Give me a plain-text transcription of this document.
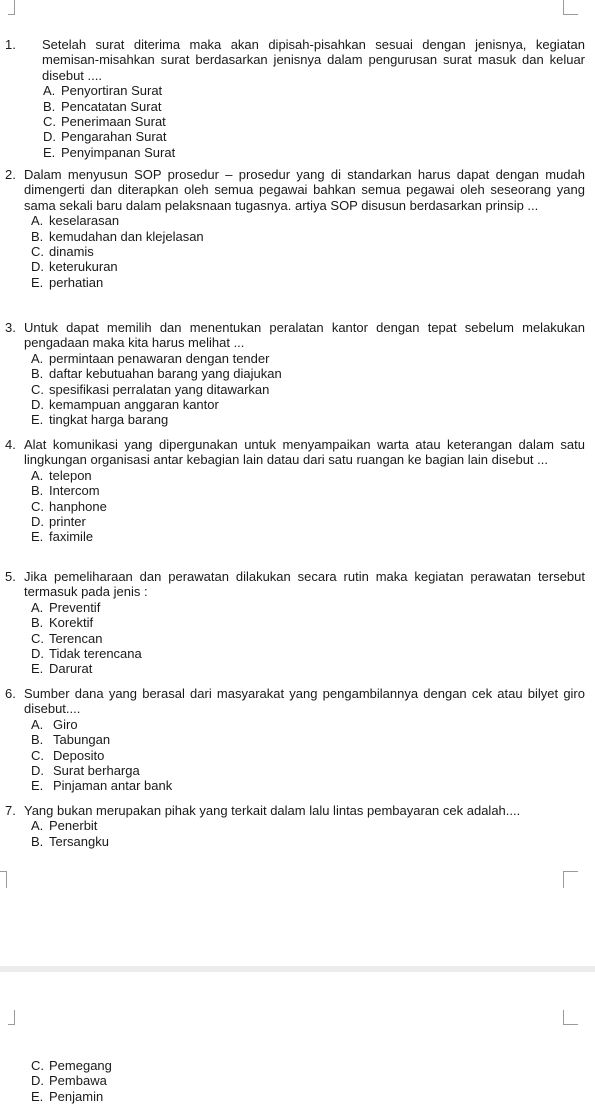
1.	Setelah surat diterima maka akan dipisah-pisahkan sesuai dengan jenisnya, kegiatan memisan-misahkan surat berdasarkan jenisnya dalam pengurusan surat masuk dan keluar disebut ....
A. Penyortiran Surat
B. Pencatatan Surat
C. Penerimaan Surat
D. Pengarahan Surat
E. Penyimpanan Surat
2. Dalam menyusun SOP prosedur – prosedur yang di standarkan harus dapat dengan mudah dimengerti dan diterapkan oleh semua pegawai bahkan semua pegawai oleh seseorang yang sama sekali baru dalam pelaksnaan tugasnya. artiya SOP disusun berdasarkan prinsip ...
A. keselarasan
B. kemudahan dan klejelasan
C. dinamis
D. keterukuran
E. perhatian
3. Untuk dapat memilih dan menentukan peralatan kantor dengan tepat sebelum melakukan pengadaan maka kita harus melihat ...
A. permintaan penawaran dengan tender
B. daftar kebutuahan barang yang diajukan
C. spesifikasi perralatan yang ditawarkan
D. kemampuan anggaran kantor
E. tingkat harga barang
4. Alat komunikasi yang dipergunakan untuk menyampaikan warta atau keterangan dalam satu lingkungan organisasi antar kebagian lain datau dari satu ruangan ke bagian lain disebut ...
A. telepon
B. Intercom
C. hanphone
D. printer
E. faximile
5. Jika pemeliharaan dan perawatan dilakukan secara rutin maka kegiatan perawatan tersebut termasuk pada jenis :
A. Preventif
B. Korektif
C. Terencan
D. Tidak terencana
E. Darurat
6. Sumber dana yang berasal dari masyarakat yang pengambilannya dengan cek atau bilyet giro disebut....
A. Giro
B. Tabungan
C. Deposito
D. Surat berharga
E. Pinjaman antar bank
7. Yang bukan merupakan pihak yang terkait dalam lalu lintas pembayaran cek adalah....
A. Penerbit
B. Tersangku
C. Pemegang
D. Pembawa
E. Penjamin
